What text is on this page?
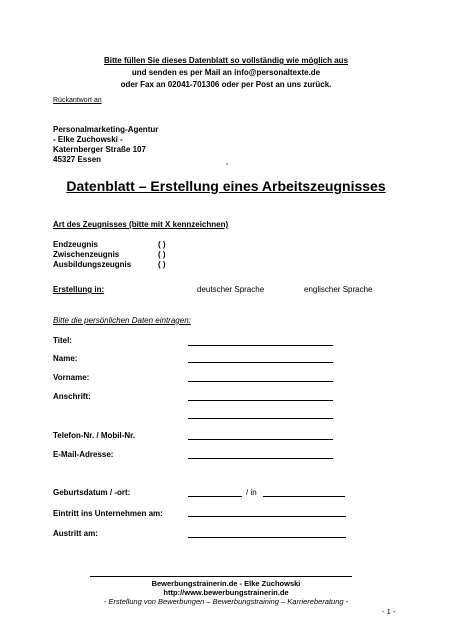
Bitte füllen Sie dieses Datenblatt so vollständig wie möglich aus
und senden es per Mail an info@personaltexte.de
oder Fax an 02041-701306 oder per Post an uns zurück.
Rückantwort an
Personalmarketing-Agentur
- Elke Zuchowski -
Katernberger Straße 107
45327 Essen
-
Datenblatt – Erstellung eines Arbeitszeugnisses
Art des Zeugnisses (bitte mit X kennzeichnen)
Endzeugnis	( )
Zwischenzeugnis	( )
Ausbildungszeugnis	( )
Erstellung in:	deutscher Sprache	englischer Sprache
Bitte die persönlichen Daten eintragen:
Titel:
Name:
Vorname:
Anschrift:
Telefon-Nr. / Mobil-Nr.
E-Mail-Adresse:
Geburtsdatum / -ort:	/ in
Eintritt ins Unternehmen am:
Austritt am:
Bewerbungstrainerin.de - Elke Zuchowski
http://www.bewerbungstrainerin.de
- Erstellung von Bewerbungen – Bewerbungstraining – Karriereberatung -
- 1 -
